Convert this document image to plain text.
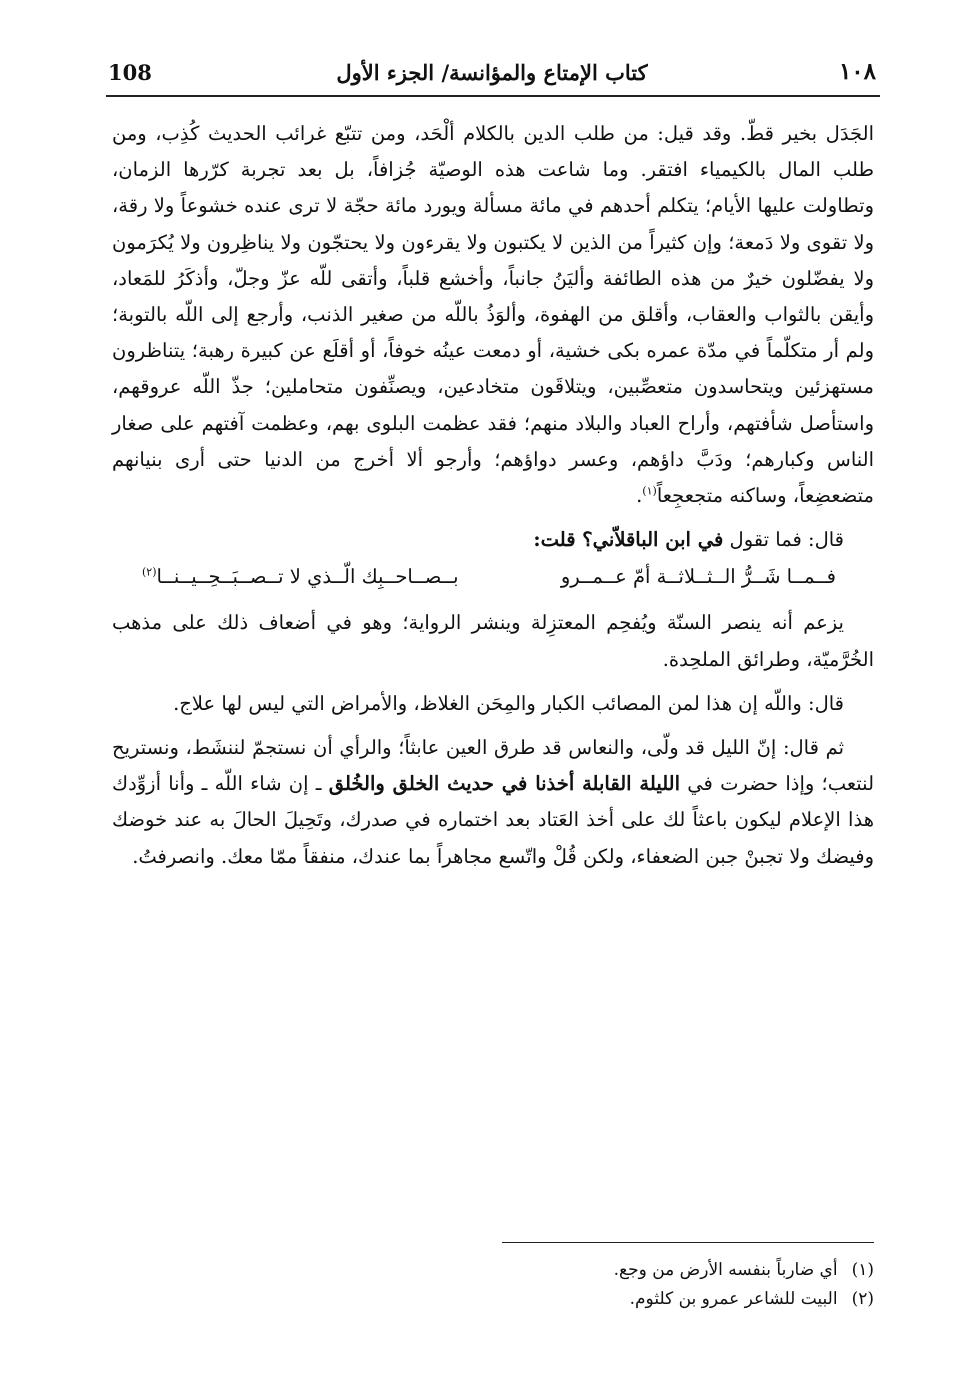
108	كتاب الإمتاع والمؤانسة/ الجزء الأول	١٠٨

الجَدَل بخير قطّ. وقد قيل: من طلب الدين بالكلام ألْحَد، ومن تتبّع غرائب الحديث كُذِب، ومن طلب المال بالكيمياء افتقر. وما شاعت هذه الوصيّة جُزافاً، بل بعد تجربة كرّرها الزمان، وتطاولت عليها الأيام؛ يتكلم أحدهم في مائة مسألة ويورد مائة حجّة لا ترى عنده خشوعاً ولا رقة، ولا تقوى ولا دَمعة؛ وإن كثيراً من الذين لا يكتبون ولا يقرءون ولا يحتجّون ولا يناظِرون ولا يُكرَمون ولا يفضّلون خيرٌ من هذه الطائفة وأليَنُ جانباً، وأخشع قلباً، وأتقى للّه عزّ وجلّ، وأذكَرُ للمَعاد، وأيقن بالثواب والعقاب، وأقلق من الهفوة، وألوَذُ باللّه من صغير الذنب، وأرجع إلى اللّه بالتوبة؛ ولم أر متكلّماً في مدّة عمره بكى خشية، أو دمعت عينُه خوفاً، أو أقلَع عن كبيرة رهبة؛ يتناظرون مستهزئين ويتحاسدون متعصِّبين، ويتلاقَون متخادعين، ويصنِّفون متحاملين؛ جذّ اللّه عروقهم، واستأصل شأفتهم، وأراح العباد والبلاد منهم؛ فقد عظمت البلوى بهم، وعظمت آفتهم على صغار الناس وكبارهم؛ ودَبَّ داؤهم، وعسر دواؤهم؛ وأرجو ألا أخرج من الدنيا حتى أرى بنيانهم متضعضِعاً، وساكنه متجعجِعاً$^{(١)}$.

قال: فما تقول في ابن الباقلاّني؟ قلت:

فــمــا شَــرُّ الــثــلاثــة أمّ عــمــرو
بــصــاحــبِك الّــذي لا تــصــبَــحِــيــنــا$^{(٢)}$

يزعم أنه ينصر السنّة ويُفحِم المعتزِلة وينشر الرواية؛ وهو في أضعاف ذلك على مذهب الخُرَّميّة، وطرائق الملحِدة.

قال: واللّه إن هذا لمن المصائب الكبار والمِحَن الغلاظ، والأمراض التي ليس لها علاج.

ثم قال: إنّ الليل قد ولّى، والنعاس قد طرق العين عابثاً؛ والرأي أن نستجمّ لننشَط، ونستريح لنتعب؛ وإذا حضرت في الليلة القابلة أخذنا في حديث الخلق والخُلق ـ إن شاء اللّه ـ وأنا أزوِّدك هذا الإعلام ليكون باعثاً لك على أخذ العَتاد بعد اختماره في صدرك، وتَحِيلَ الحالَ به عند خوضك وفيضك ولا تجبنْ جبن الضعفاء، ولكن قُلْ واتّسع مجاهراً بما عندك، منفقاً ممّا معك. وانصرفتُ.

(١)أي ضارباً بنفسه الأرض من وجع.
(٢)البيت للشاعر عمرو بن كلثوم.
